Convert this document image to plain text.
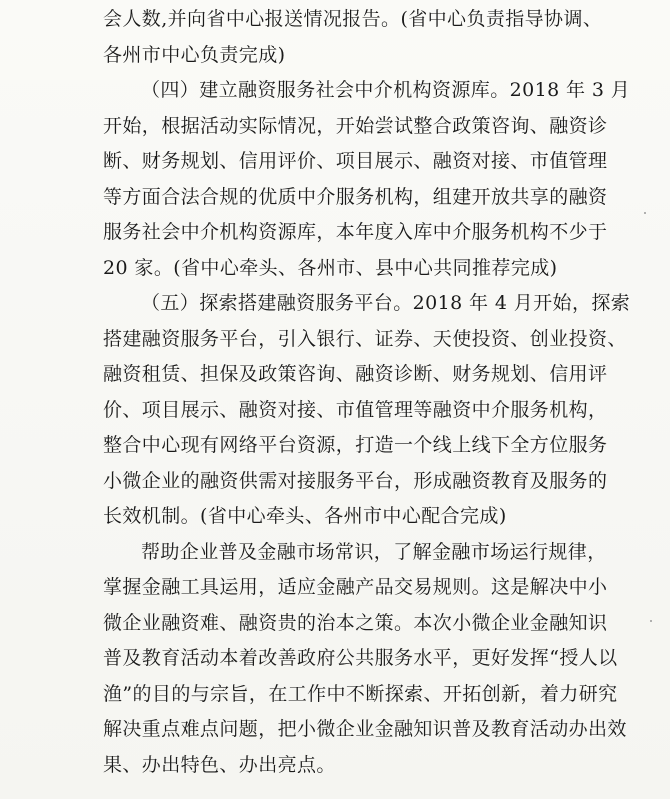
会人数,并向省中心报送情况报告。(省中心负责指导协调、
各州市中心负责完成)
（四）建立融资服务社会中介机构资源库。2018 年 3 月
开始，根据活动实际情况，开始尝试整合政策咨询、融资诊
断、财务规划、信用评价、项目展示、融资对接、市值管理
等方面合法合规的优质中介服务机构，组建开放共享的融资
服务社会中介机构资源库，本年度入库中介服务机构不少于
20 家。(省中心牵头、各州市、县中心共同推荐完成)
（五）探索搭建融资服务平台。2018 年 4 月开始，探索
搭建融资服务平台，引入银行、证券、天使投资、创业投资、
融资租赁、担保及政策咨询、融资诊断、财务规划、信用评
价、项目展示、融资对接、市值管理等融资中介服务机构，
整合中心现有网络平台资源，打造一个线上线下全方位服务
小微企业的融资供需对接服务平台，形成融资教育及服务的
长效机制。(省中心牵头、各州市中心配合完成)
帮助企业普及金融市场常识，了解金融市场运行规律，
掌握金融工具运用，适应金融产品交易规则。这是解决中小
微企业融资难、融资贵的治本之策。本次小微企业金融知识
普及教育活动本着改善政府公共服务水平，更好发挥“授人以
渔”的目的与宗旨，在工作中不断探索、开拓创新，着力研究
解决重点难点问题，把小微企业金融知识普及教育活动办出效
果、办出特色、办出亮点。
